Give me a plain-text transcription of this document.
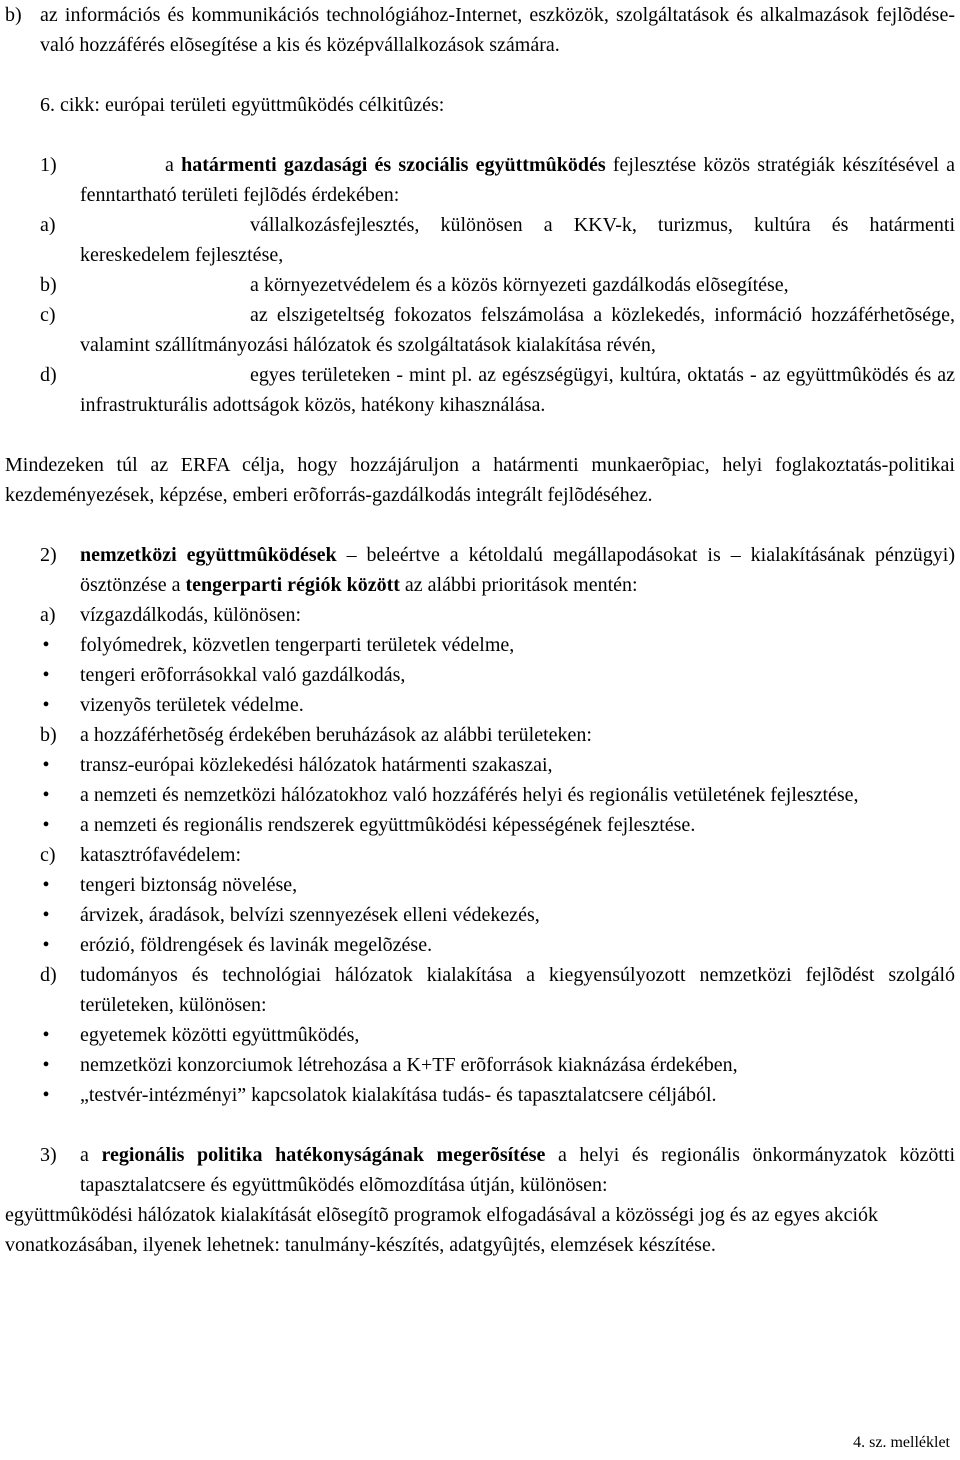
b) az információs és kommunikációs technológiához-Internet, eszközök, szolgáltatások és alkalmazások fejlõdése- való hozzáférés elõsegítése a kis és középvállalkozások számára.

6. cikk: európai területi együttmûködés célkitûzés:

1)	a határmenti gazdasági és szociális együttmûködés fejlesztése közös stratégiák készítésével a fenntartható területi fejlõdés érdekében:

a)	vállalkozásfejlesztés, különösen a KKV-k, turizmus, kultúra és határmenti kereskedelem fejlesztése,

b)	a környezetvédelem és a közös környezeti gazdálkodás elõsegítése,

c)	az elszigeteltség fokozatos felszámolása a közlekedés, információ hozzáférhetõsége, valamint szállítmányozási hálózatok és szolgáltatások kialakítása révén,

d)	egyes területeken - mint pl. az egészségügyi, kultúra, oktatás - az együttmûködés és az infrastrukturális adottságok közös, hatékony kihasználása.

Mindezeken túl az ERFA célja, hogy hozzájáruljon a határmenti munkaerõpiac, helyi foglakoztatás-politikai kezdeményezések, képzése, emberi erõforrás-gazdálkodás integrált fejlõdéséhez.

2)	nemzetközi együttmûködések – beleértve a kétoldalú megállapodásokat is – kialakításának pénzügyi) ösztönzése a tengerparti régiók között az alábbi prioritások mentén:

a)	vízgazdálkodás, különösen:

•	folyómedrek, közvetlen tengerparti területek védelme,

•	tengeri erõforrásokkal való gazdálkodás,

•	vizenyõs területek védelme.

b)	a hozzáférhetõség érdekében beruházások az alábbi területeken:

•	transz-európai közlekedési hálózatok határmenti szakaszai,

•	a nemzeti és nemzetközi hálózatokhoz való hozzáférés helyi és regionális vetületének fejlesztése,

•	a nemzeti és regionális rendszerek együttmûködési képességének fejlesztése.

c)	katasztrófavédelem:

•	tengeri biztonság növelése,

•	árvizek, áradások, belvízi szennyezések elleni védekezés,

•	erózió, földrengések és lavinák megelõzése.

d)	tudományos és technológiai hálózatok kialakítása a kiegyensúlyozott nemzetközi fejlõdést szolgáló területeken, különösen:

•	egyetemek közötti együttmûködés,

•	nemzetközi konzorciumok létrehozása a K+TF erõforrások kiaknázása érdekében,

•	„testvér-intézményi” kapcsolatok kialakítása tudás- és tapasztalatcsere céljából.

3)	a regionális politika hatékonyságának megerõsítése a helyi és regionális önkormányzatok közötti tapasztalatcsere és együttmûködés elõmozdítása útján, különösen:

együttmûködési hálózatok kialakítását elõsegítõ programok elfogadásával a közösségi jog és az egyes akciók vonatkozásában, ilyenek lehetnek: tanulmány-készítés, adatgyûjtés, elemzések készítése.

4. sz. melléklet
